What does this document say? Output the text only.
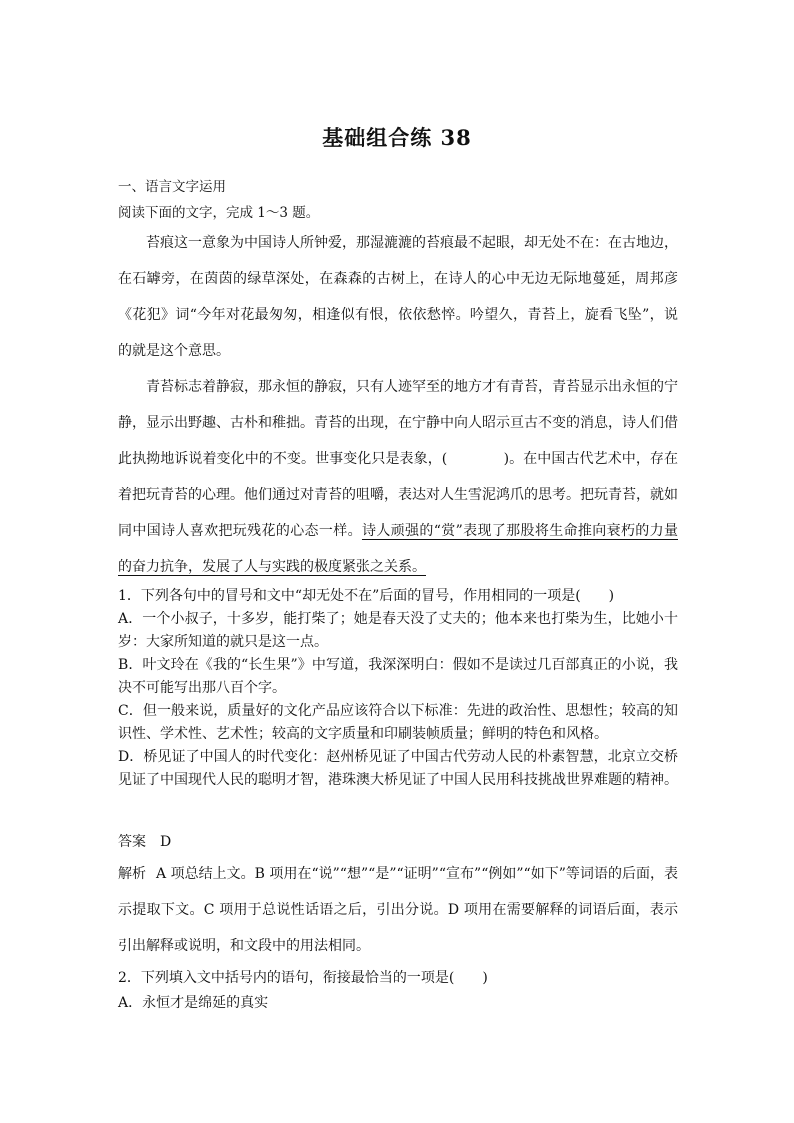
基础组合练 38
一、语言文字运用
阅读下面的文字，完成 1～3 题。

苔痕这一意象为中国诗人所钟爱，那湿漉漉的苔痕最不起眼，却无处不在：在古地边，在石罅旁，在茵茵的绿草深处，在森森的古树上，在诗人的心中无边无际地蔓延，周邦彦《花犯》词“今年对花最匆匆，相逢似有恨，依依愁悴。吟望久，青苔上，旋看飞坠”，说的就是这个意思。

青苔标志着静寂，那永恒的静寂，只有人迹罕至的地方才有青苔，青苔显示出永恒的宁静，显示出野趣、古朴和稚拙。青苔的出现，在宁静中向人昭示亘古不变的消息，诗人们借此执拗地诉说着变化中的不变。世事变化只是表象，(　　　　)。在中国古代艺术中，存在着把玩青苔的心理。他们通过对青苔的咀嚼，表达对人生雪泥鸿爪的思考。把玩青苔，就如同中国诗人喜欢把玩残花的心态一样。诗人顽强的“赏”表现了那股将生命推向衰朽的力量的奋力抗争，发展了人与实践的极度紧张之关系。

1．下列各句中的冒号和文中“却无处不在”后面的冒号，作用相同的一项是(　　)

A．一个小叔子，十多岁，能打柴了；她是春天没了丈夫的；他本来也打柴为生，比她小十岁：大家所知道的就只是这一点。

B．叶文玲在《我的“长生果”》中写道，我深深明白：假如不是读过几百部真正的小说，我决不可能写出那八百个字。

C．但一般来说，质量好的文化产品应该符合以下标准：先进的政治性、思想性；较高的知识性、学术性、艺术性；较高的文字质量和印刷装帧质量；鲜明的特色和风格。

D．桥见证了中国人的时代变化：赵州桥见证了中国古代劳动人民的朴素智慧，北京立交桥见证了中国现代人民的聪明才智，港珠澳大桥见证了中国人民用科技挑战世界难题的精神。

答案 D
解析 A 项总结上文。B 项用在“说”“想”“是”“证明”“宣布”“例如”“如下”等词语的后面，表示提取下文。C 项用于总说性话语之后，引出分说。D 项用在需要解释的词语后面，表示引出解释或说明，和文段中的用法相同。

2．下列填入文中括号内的语句，衔接最恰当的一项是(　　)

A．永恒才是绵延的真实
